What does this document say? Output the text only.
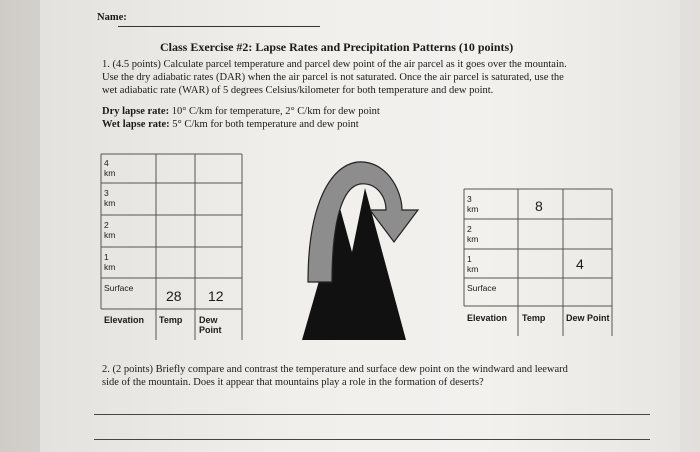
Name:
Class Exercise #2: Lapse Rates and Precipitation Patterns (10 points)
1. (4.5 points) Calculate parcel temperature and parcel dew point of the air parcel as it goes over the mountain.
Use the dry adiabatic rates (DAR) when the air parcel is not saturated. Once the air parcel is saturated, use the
wet adiabatic rate (WAR) of 5 degrees Celsius/kilometer for both temperature and dew point.
Dry lapse rate: 10° C/km for temperature, 2° C/km for dew point
Wet lapse rate: 5° C/km for both temperature and dew point
4 km
3 km
2 km
1 km
Surface 28 12
Elevation Temp Dew Point
3 km
2 km
1 km
Surface
8
4
Elevation Temp Dew Point
2. (2 points) Briefly compare and contrast the temperature and surface dew point on the windward and leeward
side of the mountain. Does it appear that mountains play a role in the formation of deserts?
